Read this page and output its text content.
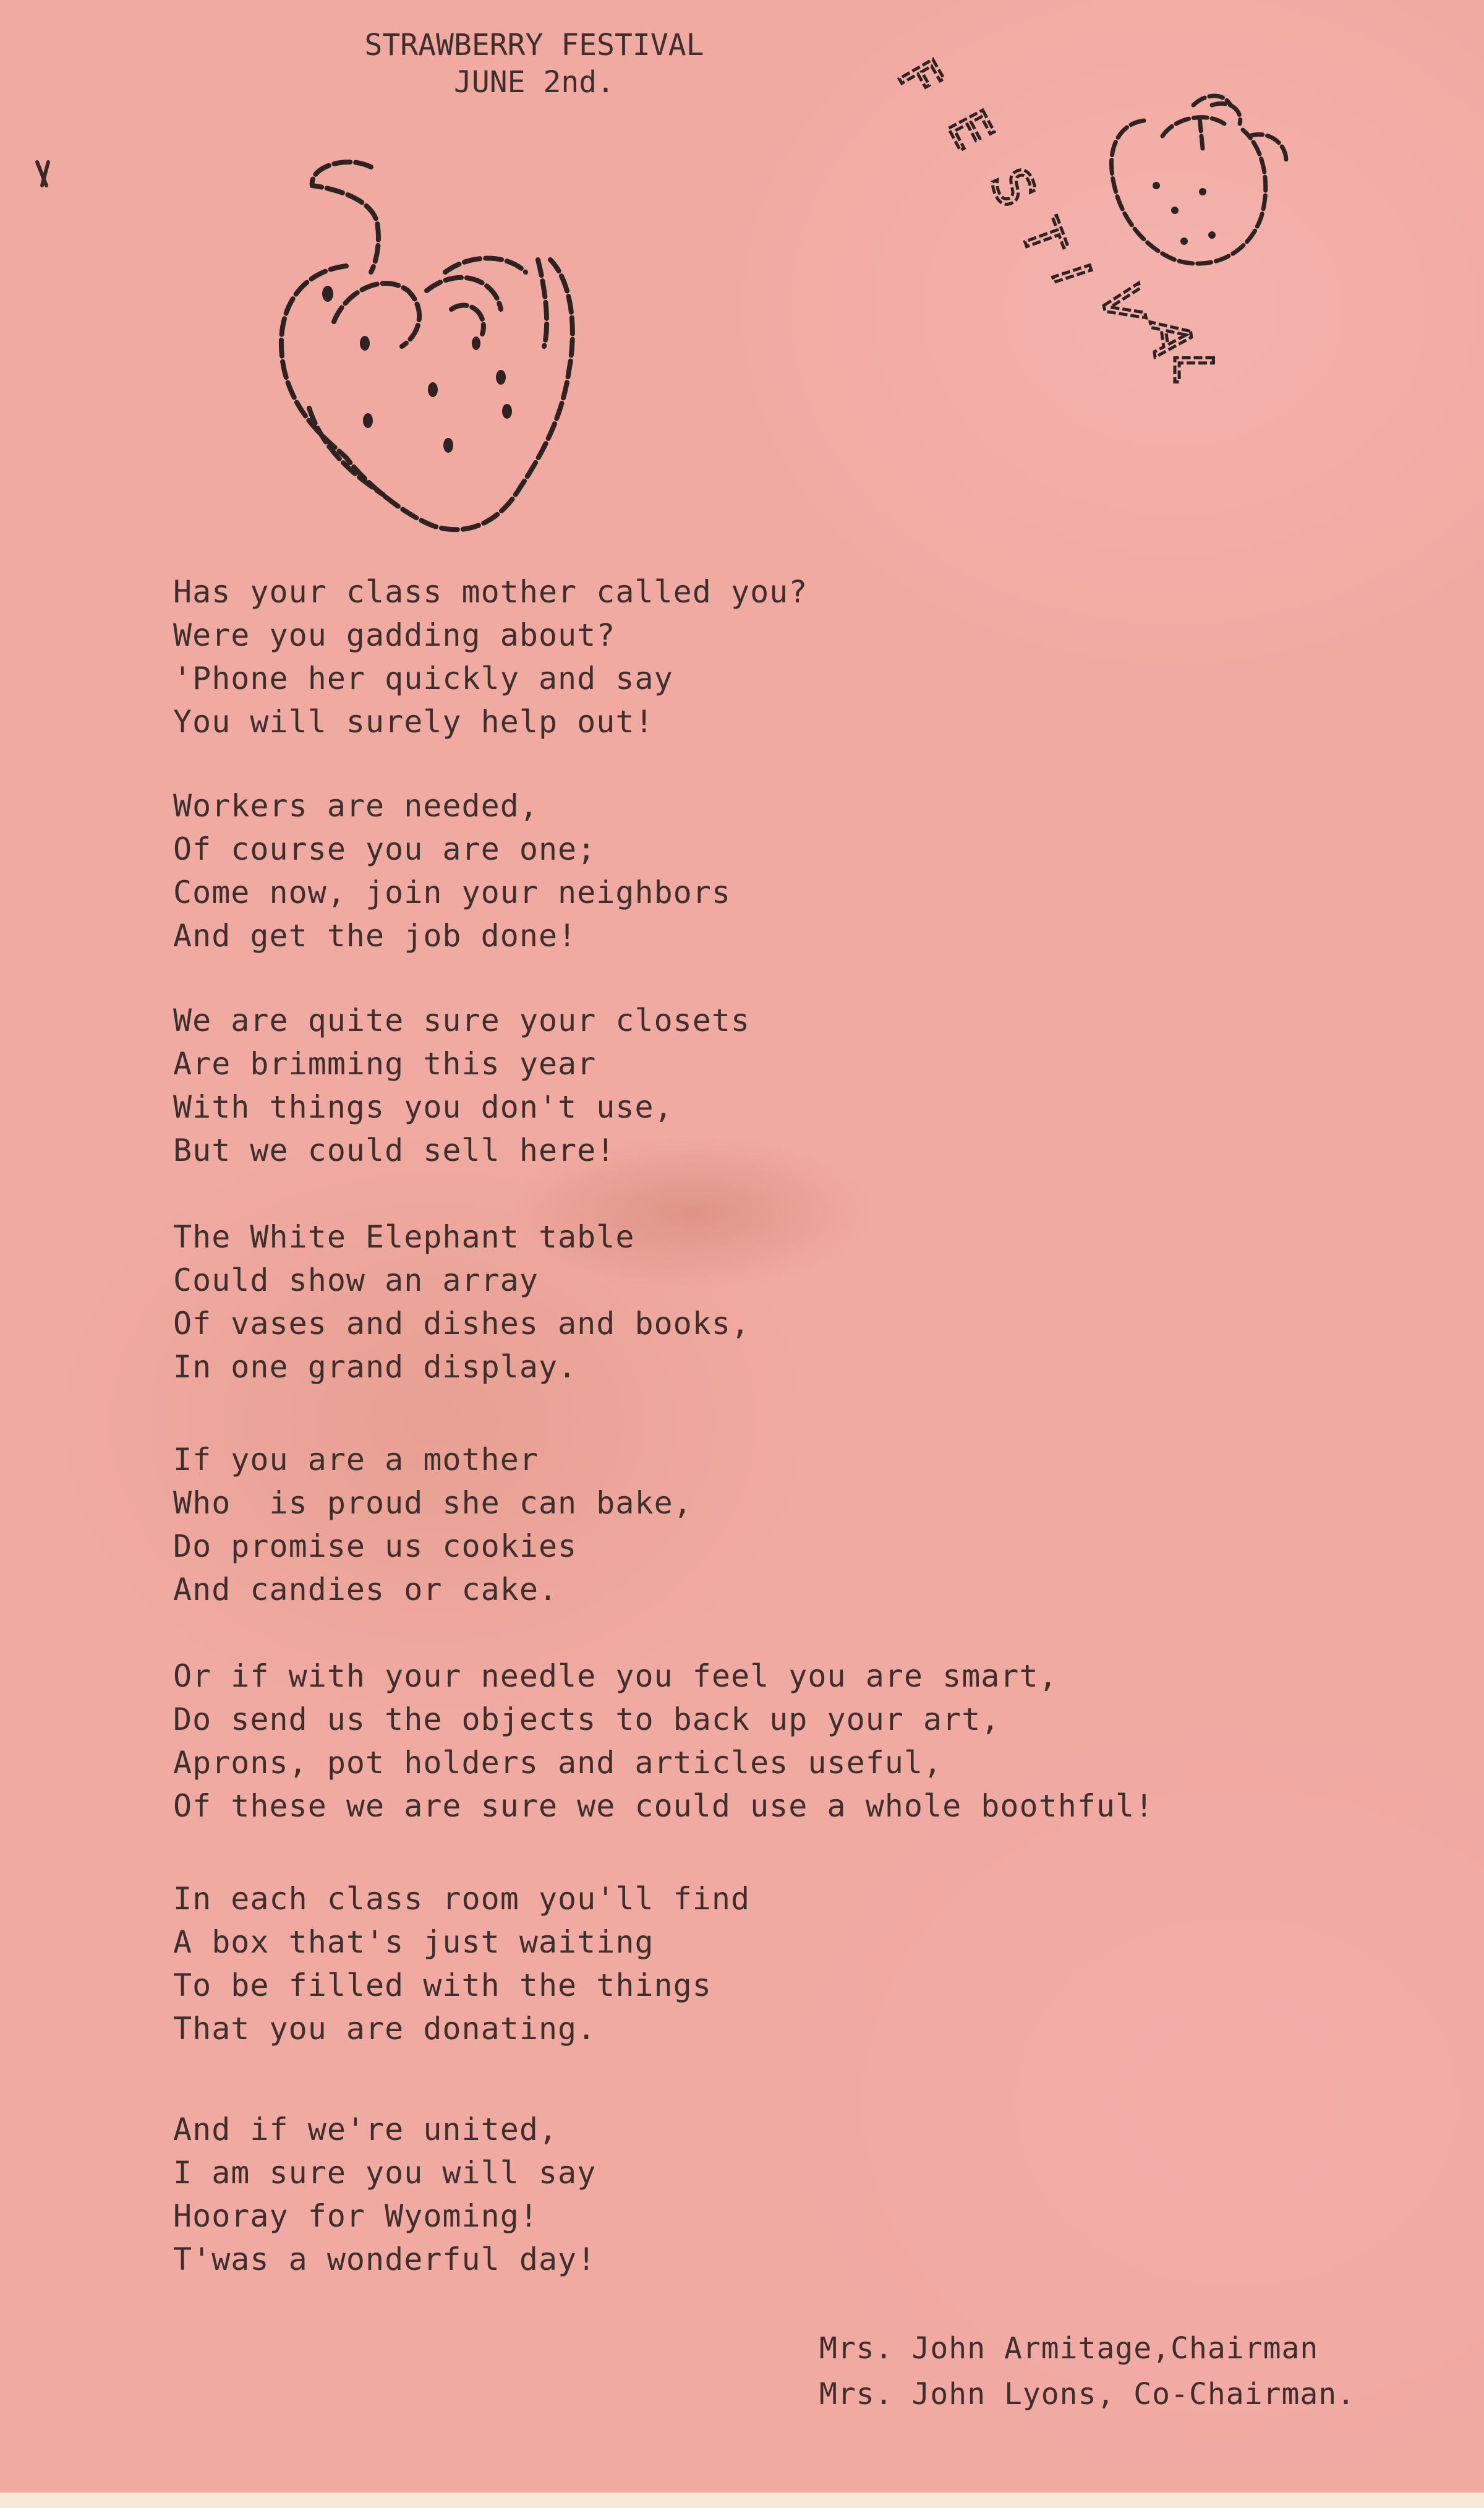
F
E
S
T
I
V
A
L
STRAWBERRY FESTIVAL
JUNE 2nd.
Has your class mother called you?
Were you gadding about?
'Phone her quickly and say
You will surely help out!
Workers are needed,
Of course you are one;
Come now, join your neighbors
And get the job done!
We are quite sure your closets
Are brimming this year
With things you don't use,
But we could sell here!
The White Elephant table
Could show an array
Of vases and dishes and books,
In one grand display.
If you are a mother
Who  is proud she can bake,
Do promise us cookies
And candies or cake.
Or if with your needle you feel you are smart,
Do send us the objects to back up your art,
Aprons, pot holders and articles useful,
Of these we are sure we could use a whole boothful!
In each class room you'll find
A box that's just waiting
To be filled with the things
That you are donating.
And if we're united,
I am sure you will say
Hooray for Wyoming!
T'was a wonderful day!
Mrs. John Armitage,Chairman
Mrs. John Lyons, Co-Chairman.
